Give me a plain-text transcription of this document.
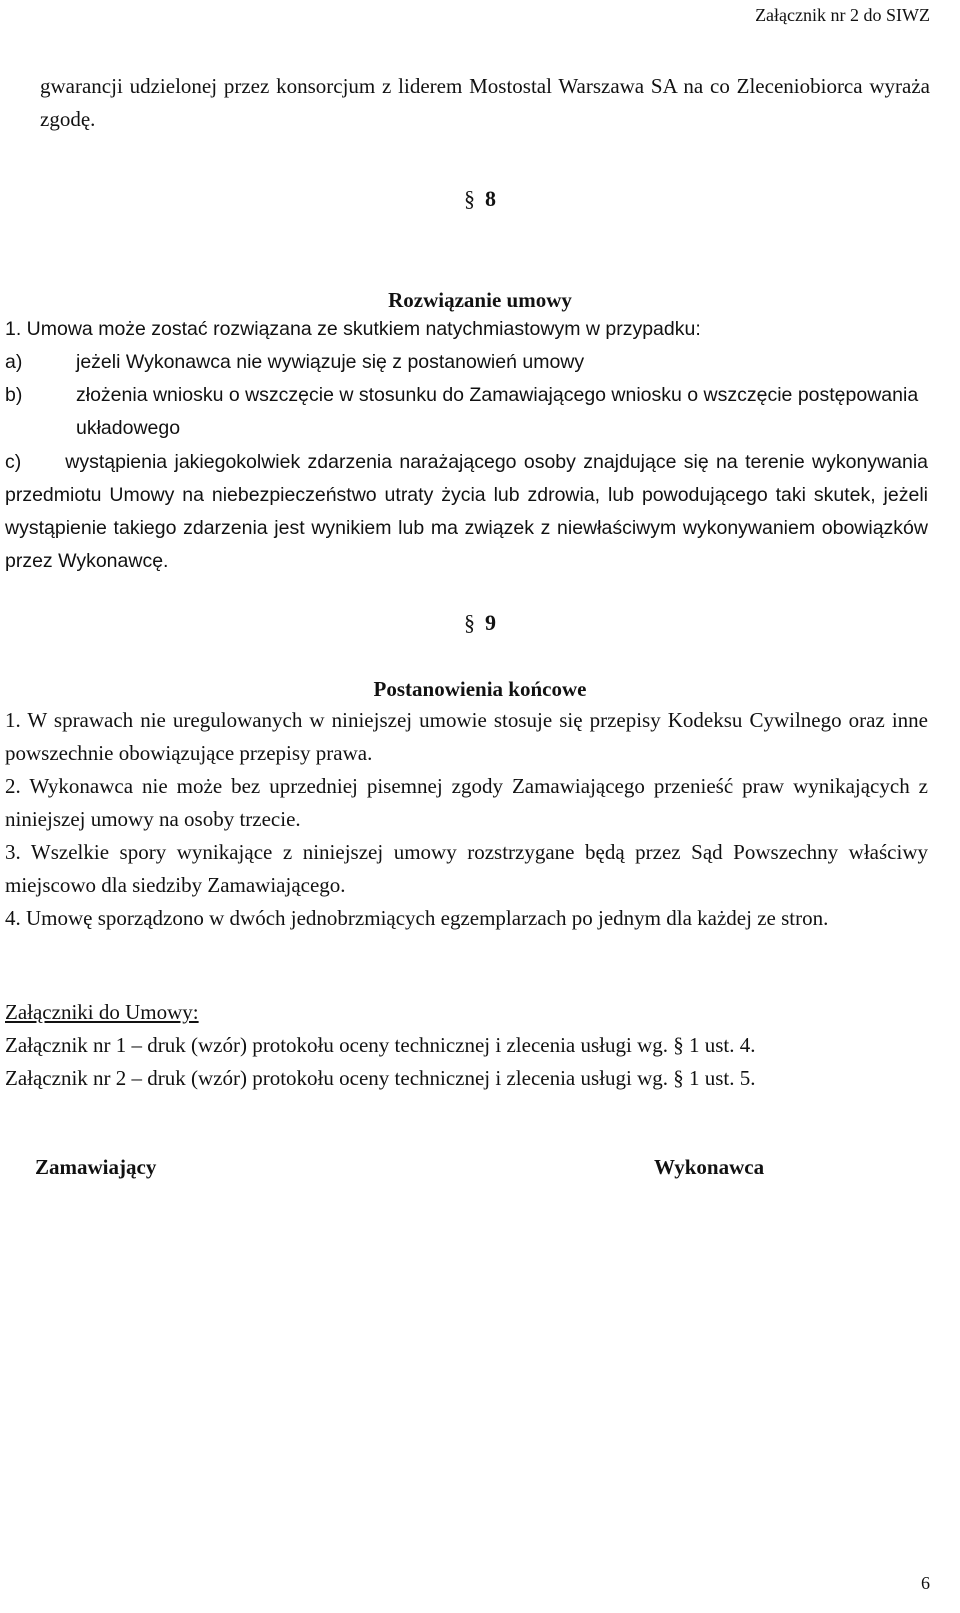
Załącznik nr 2 do SIWZ
gwarancji udzielonej przez konsorcjum z liderem Mostostal Warszawa SA na co Zleceniobiorca wyraża zgodę.
§ 8
Rozwiązanie umowy
1. Umowa może zostać rozwiązana ze skutkiem natychmiastowym w przypadku:
a)	jeżeli Wykonawca nie wywiązuje się z postanowień umowy
b)	złożenia wniosku o wszczęcie w stosunku do Zamawiającego wniosku o wszczęcie postępowania układowego
c) wystąpienia jakiegokolwiek zdarzenia narażającego osoby znajdujące się na terenie wykonywania przedmiotu Umowy na niebezpieczeństwo utraty życia lub zdrowia, lub powodującego taki skutek, jeżeli wystąpienie takiego zdarzenia jest wynikiem lub ma związek z niewłaściwym wykonywaniem obowiązków przez Wykonawcę.
§ 9
Postanowienia końcowe
1. W sprawach nie uregulowanych w niniejszej umowie stosuje się przepisy Kodeksu Cywilnego oraz inne powszechnie obowiązujące przepisy prawa.
2. Wykonawca nie może bez uprzedniej pisemnej zgody Zamawiającego przenieść praw wynikających z niniejszej umowy na osoby trzecie.
3. Wszelkie spory wynikające z niniejszej umowy rozstrzygane będą przez Sąd Powszechny właściwy miejscowo dla siedziby Zamawiającego.
4. Umowę sporządzono w dwóch jednobrzmiących egzemplarzach po jednym dla każdej ze stron.
Załączniki do Umowy:
Załącznik nr 1 – druk (wzór) protokołu oceny technicznej i zlecenia usługi wg. § 1 ust. 4.
Załącznik nr 2 – druk (wzór) protokołu oceny technicznej i zlecenia usługi wg. § 1 ust. 5.
Zamawiający	Wykonawca
6
